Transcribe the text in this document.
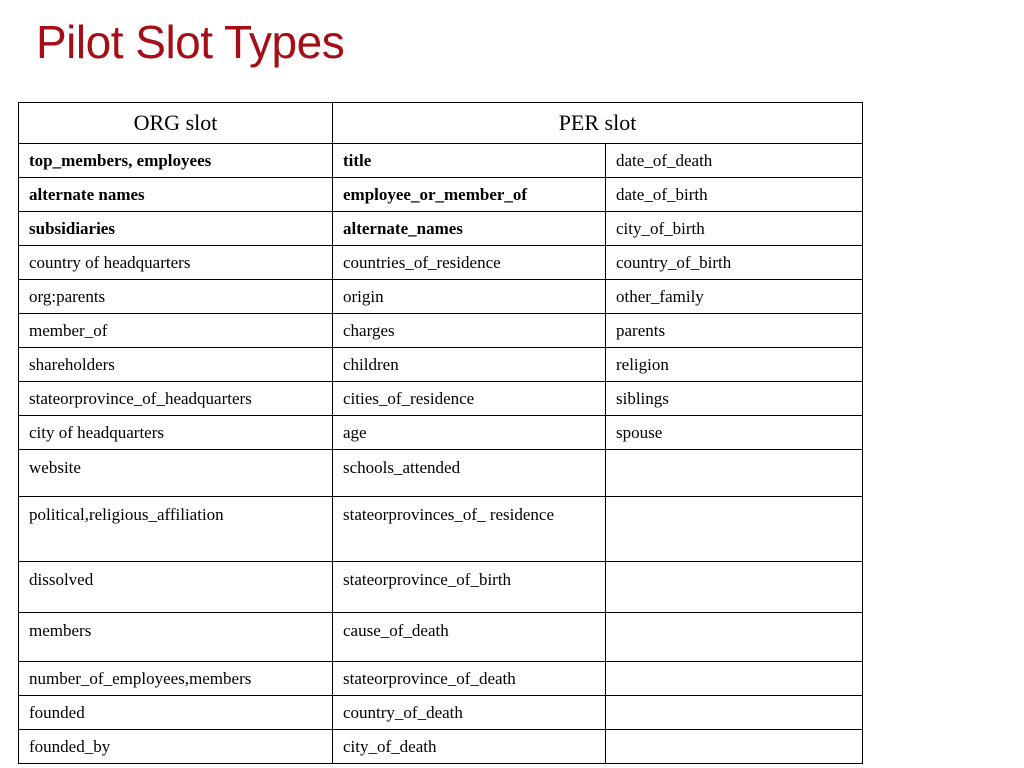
Pilot Slot Types
ORG slot	PER slot	
top_members, employees	title	date_of_death
alternate names	employee_or_member_of	date_of_birth
subsidiaries	alternate_names	city_of_birth
country of headquarters	countries_of_residence	country_of_birth
org:parents	origin	other_family
member_of	charges	parents
shareholders	children	religion
stateorprovince_of_headquarters	cities_of_residence	siblings
city of headquarters	age	spouse
website	schools_attended	
political,religious_affiliation	stateorprovinces_of_ residence	
dissolved	stateorprovince_of_birth	
members	cause_of_death	
number_of_employees,members	stateorprovince_of_death	
founded	country_of_death	
founded_by	city_of_death	
